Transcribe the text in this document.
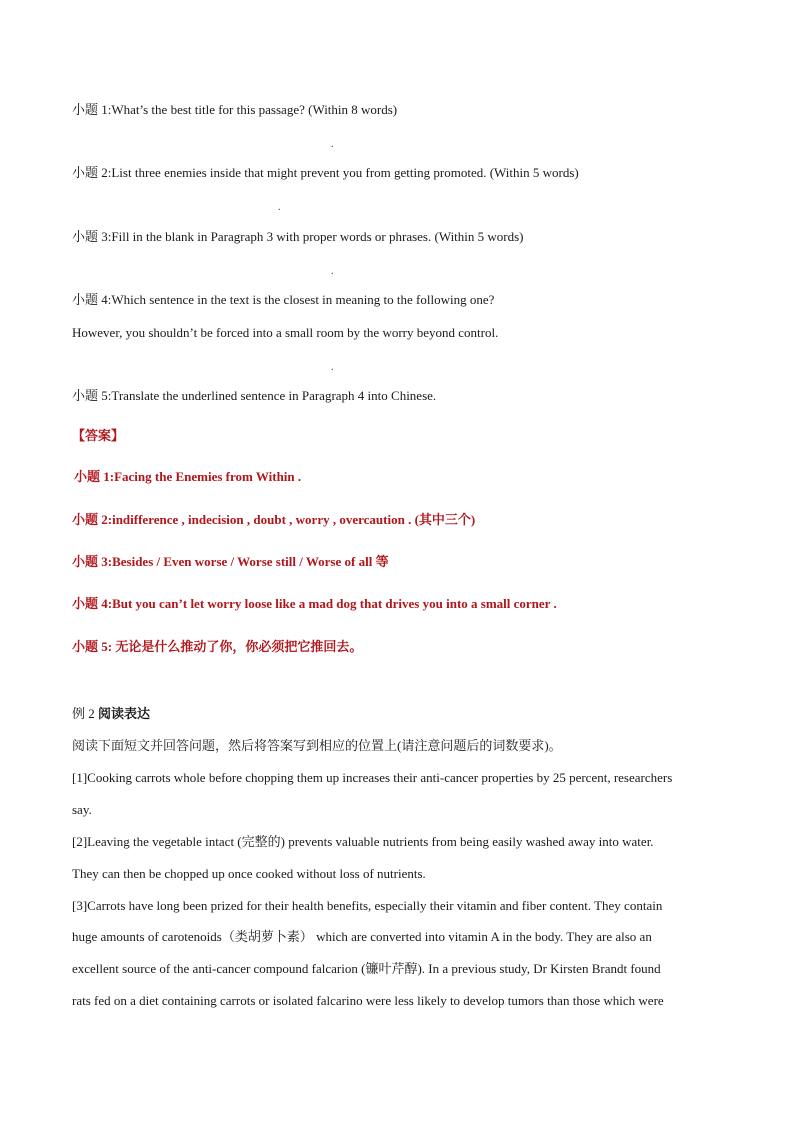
小题 1:What’s the best title for this passage? (Within 8 words)
.
小题 2:List three enemies inside that might prevent you from getting promoted. (Within 5 words)
.
小题 3:Fill in the blank in Paragraph 3 with proper words or phrases. (Within 5 words)
.
小题 4:Which sentence in the text is the closest in meaning to the following one?
However, you shouldn’t be forced into a small room by the worry beyond control.
.
小题 5:Translate the underlined sentence in Paragraph 4 into Chinese.
【答案】
小题 1:Facing the Enemies from Within .
小题 2:indifference , indecision , doubt , worry , overcaution . (其中三个)
小题 3:Besides / Even worse / Worse still / Worse of all 等
小题 4:But you can’t let worry loose like a mad dog that drives you into a small corner .
小题 5: 无论是什么推动了你，你必须把它推回去。
例 2 阅读表达
阅读下面短文并回答问题，然后将答案写到相应的位置上(请注意问题后的词数要求)。
[1]Cooking carrots whole before chopping them up increases their anti-cancer properties by 25 percent, researchers
say.
[2]Leaving the vegetable intact (完整的) prevents valuable nutrients from being easily washed away into water.
They can then be chopped up once cooked without loss of nutrients.
[3]Carrots have long been prized for their health benefits, especially their vitamin and fiber content. They contain
huge amounts of carotenoids（类胡萝卜素） which are converted into vitamin A in the body. They are also an
excellent source of the anti-cancer compound falcarion (镰叶芹醇). In a previous study, Dr Kirsten Brandt found
rats fed on a diet containing carrots or isolated falcarino were less likely to develop tumors than those which were
